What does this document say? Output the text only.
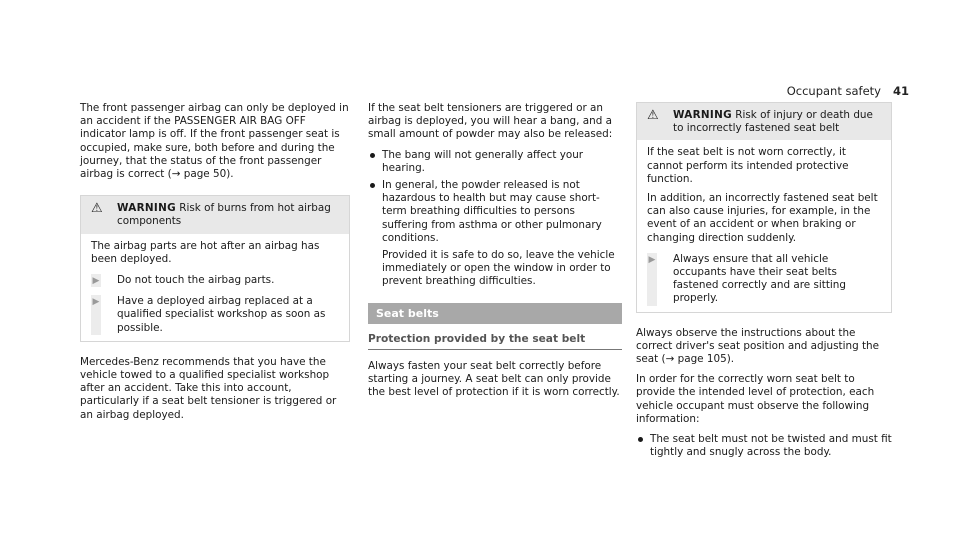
Occupant safety 41

The front passenger airbag can only be deployed in an accident if the PASSENGER AIR BAG OFF indicator lamp is off. If the front passenger seat is occupied, make sure, both before and during the journey, that the status of the front passenger airbag is correct (→ page 50).

⚠	WARNING Risk of burns from hot airbag components

The airbag parts are hot after an airbag has been deployed.

▶ Do not touch the airbag parts.
▶ Have a deployed airbag replaced at a qualified specialist workshop as soon as possible.

Mercedes-Benz recommends that you have the vehicle towed to a qualified specialist workshop after an accident. Take this into account, particularly if a seat belt tensioner is triggered or an airbag deployed.

If the seat belt tensioners are triggered or an airbag is deployed, you will hear a bang, and a small amount of powder may also be released:

The bang will not generally affect your hearing.
In general, the powder released is not hazardous to health but may cause short-term breathing difficulties to persons suffering from asthma or other pulmonary conditions.

Provided it is safe to do so, leave the vehicle immediately or open the window in order to prevent breathing difficulties.

Seat belts
Protection provided by the seat belt

Always fasten your seat belt correctly before starting a journey. A seat belt can only provide the best level of protection if it is worn correctly.

⚠	WARNING Risk of injury or death due to incorrectly fastened seat belt

If the seat belt is not worn correctly, it cannot perform its intended protective function.

In addition, an incorrectly fastened seat belt can also cause injuries, for example, in the event of an accident or when braking or changing direction suddenly.

▶ Always ensure that all vehicle occupants have their seat belts fastened correctly and are sitting properly.

Always observe the instructions about the correct driver's seat position and adjusting the seat (→ page 105).

In order for the correctly worn seat belt to provide the intended level of protection, each vehicle occupant must observe the following information:

The seat belt must not be twisted and must fit tightly and snugly across the body.
